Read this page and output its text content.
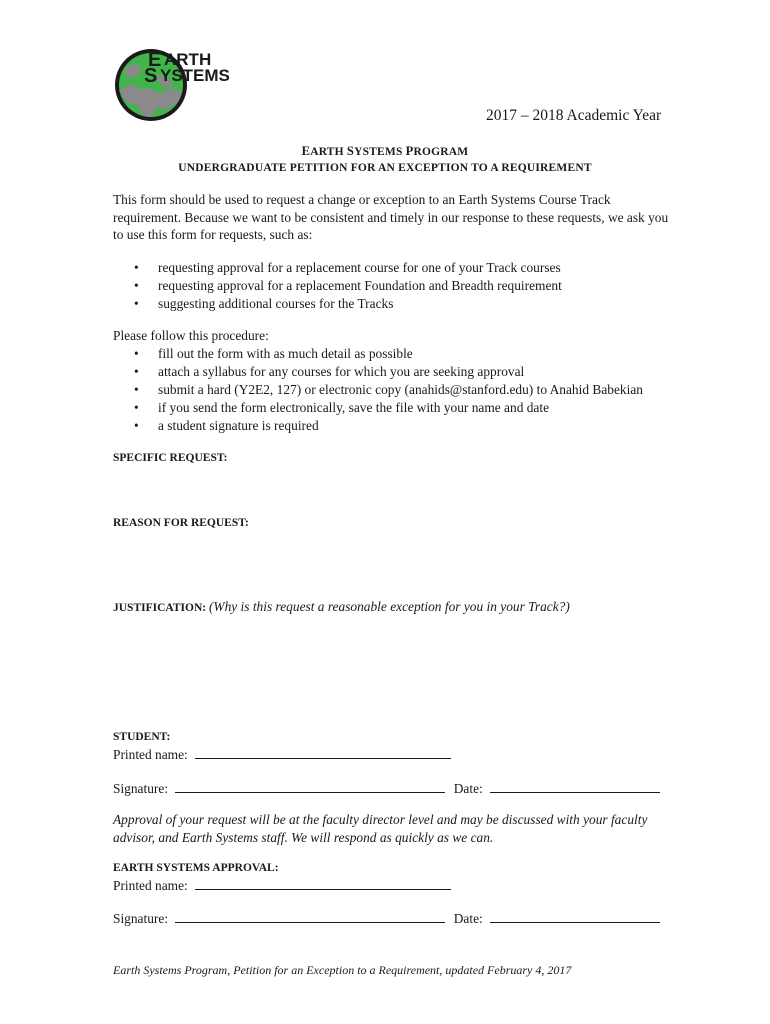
E ARTH
S YSTEMS
2017 – 2018 Academic Year
EARTH SYSTEMS PROGRAM
UNDERGRADUATE PETITION FOR AN EXCEPTION TO A REQUIREMENT
This form should be used to request a change or exception to an Earth Systems Course Track requirement. Because we want to be consistent and timely in our response to these requests, we ask you to use this form for requests, such as:
• requesting approval for a replacement course for one of your Track courses
• requesting approval for a replacement Foundation and Breadth requirement
• suggesting additional courses for the Tracks
Please follow this procedure:
• fill out the form with as much detail as possible
• attach a syllabus for any courses for which you are seeking approval
• submit a hard (Y2E2, 127) or electronic copy (anahids@stanford.edu) to Anahid Babekian
• if you send the form electronically, save the file with your name and date
• a student signature is required
SPECIFIC REQUEST:
REASON FOR REQUEST:
JUSTIFICATION: (Why is this request a reasonable exception for you in your Track?)
STUDENT:
Printed name:
Signature:	Date:
Approval of your request will be at the faculty director level and may be discussed with your faculty advisor, and Earth Systems staff. We will respond as quickly as we can.
EARTH SYSTEMS APPROVAL:
Printed name:
Signature:	Date:
Earth Systems Program, Petition for an Exception to a Requirement, updated February 4, 2017
